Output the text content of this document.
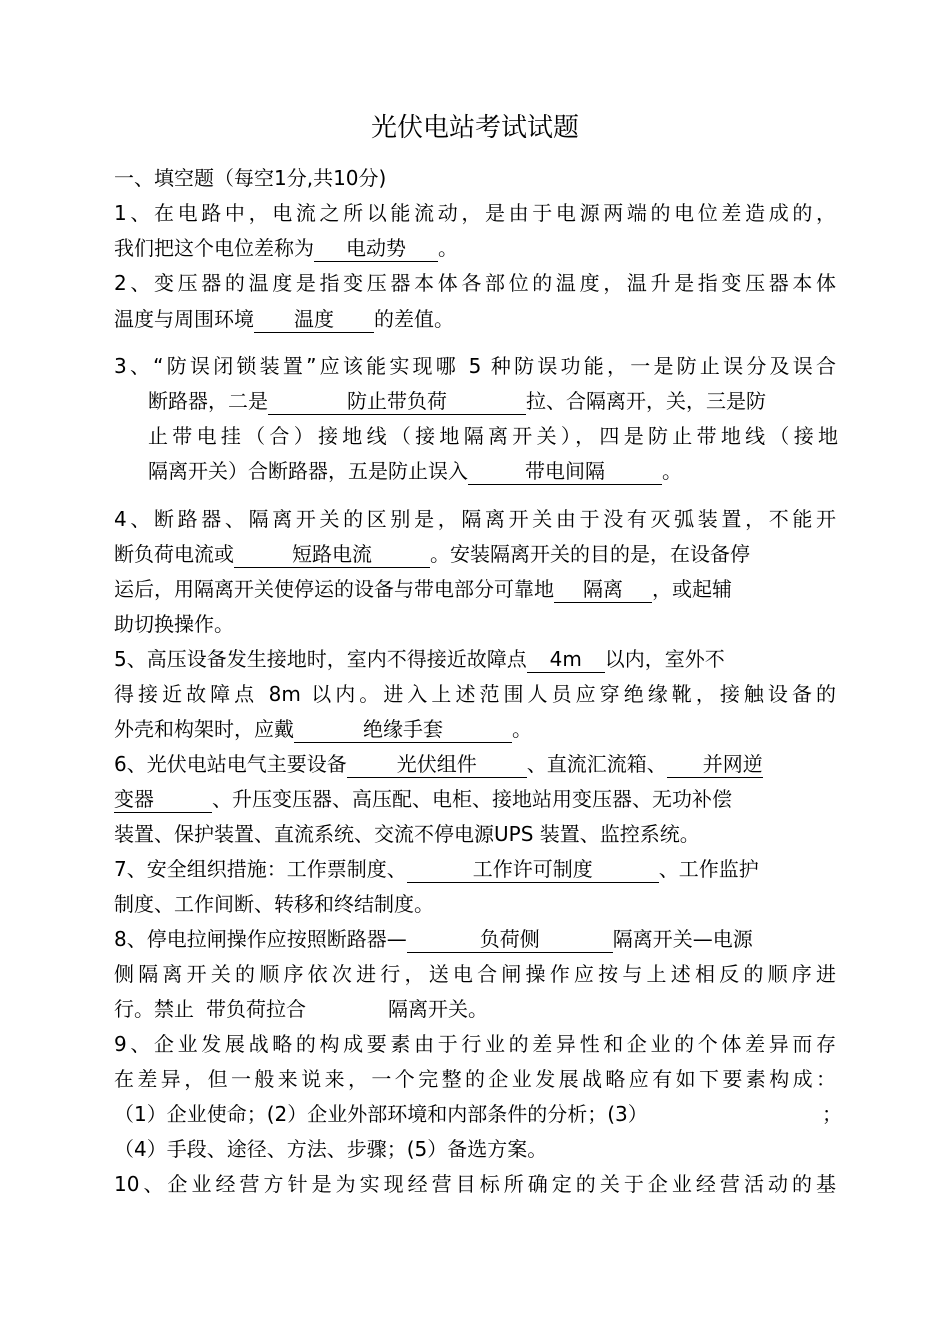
光伏电站考试试题
一、填空题（每空1分,共10分)
1、在电路中，电流之所以能流动，是由于电源两端的电位差造成的，
我们把这个电位差称为 电动势 。
2、变压器的温度是指变压器本体各部位的温度，温升是指变压器本体
温度与周围环境 温度 的差值。
3、“防误闭锁装置”应该能实现哪 5 种防误功能，一是防止误分及误合
断路器，二是	防止带负荷	拉、合隔离开，关，三是防
止带电挂（合）接地线（接地隔离开关），四是防止带地线（接地
隔离开关）合断路器，五是防止误入	带电间隔	。
4、断路器、隔离开关的区别是，隔离开关由于没有灭弧装置，不能开
断负荷电流或	短路电流	。安装隔离开关的目的是，在设备停
运后，用隔离开关使停运的设备与带电部分可靠地 隔离 ，或起辅
助切换操作。
5、高压设备发生接地时，室内不得接近故障点 4m 以内，室外不
得接近故障点 8m 以内。进入上述范围人员应穿绝缘靴，接触设备的
外壳和构架时，应戴	绝缘手套	。
6、光伏电站电气主要设备	光伏组件	、直流汇流箱、 并网逆
变器	、升压变压器、高压配、电柜、接地站用变压器、无功补偿
装置、保护装置、直流系统、交流不停电源UPS 装置、监控系统。
7、安全组织措施：工作票制度、	工作许可制度	、工作监护
制度、工作间断、转移和终结制度。
8、停电拉闸操作应按照断路器—	负荷侧	隔离开关—电源
侧隔离开关的顺序依次进行，送电合闸操作应按与上述相反的顺序进
行。禁止 带负荷拉合	隔离开关。
9、企业发展战略的构成要素由于行业的差异性和企业的个体差异而存
在差异，但一般来说来，一个完整的企业发展战略应有如下要素构成：
（1）企业使命；(2）企业外部环境和内部条件的分析；(3）	；
（4）手段、途径、方法、步骤；(5）备选方案。
10、企业经营方针是为实现经营目标所确定的关于企业经营活动的基
